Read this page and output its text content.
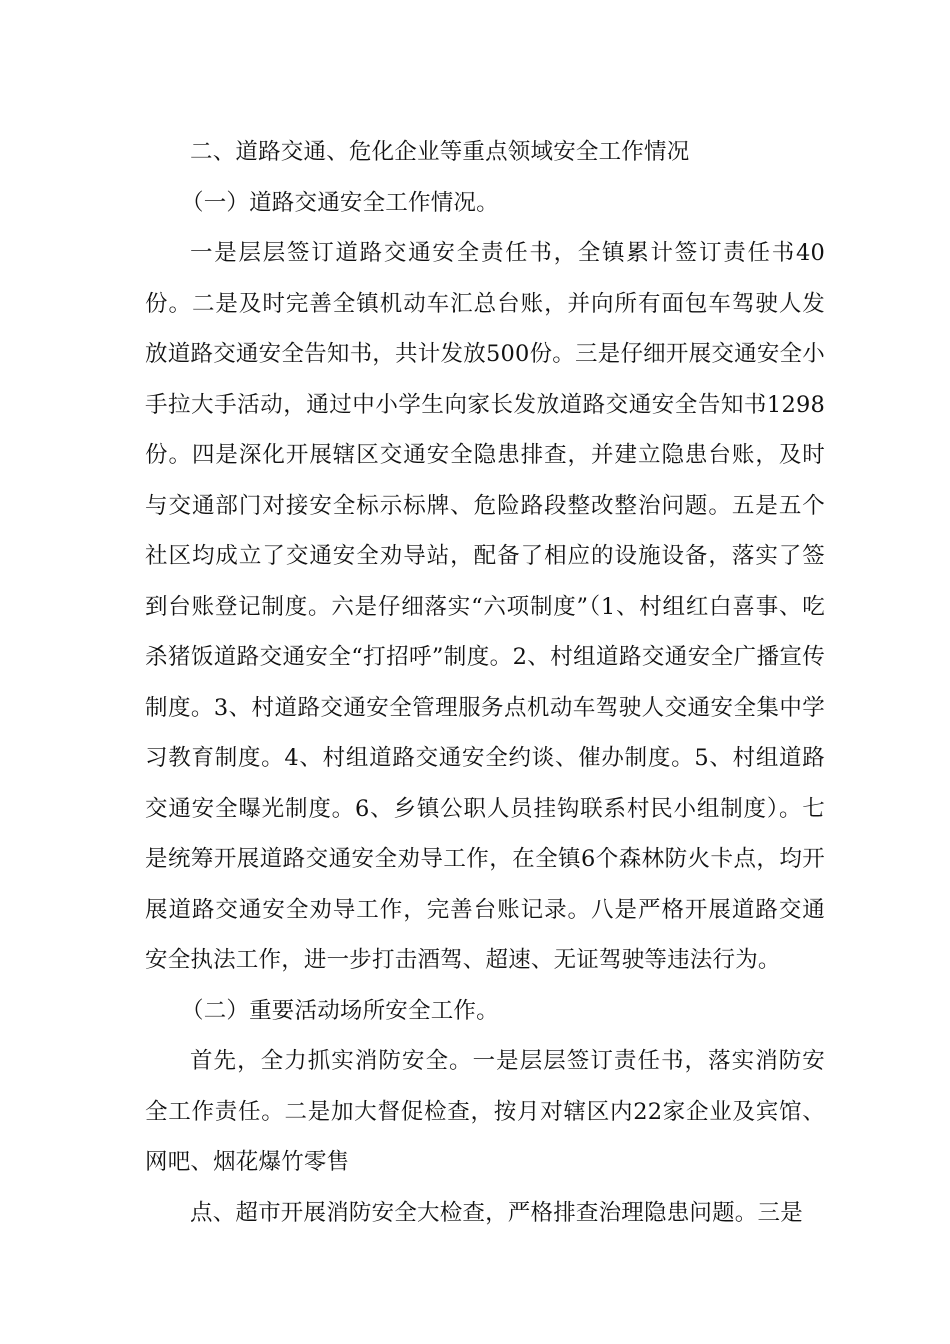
二、道路交通、危化企业等重点领域安全工作情况

（一）道路交通安全工作情况。

一是层层签订道路交通安全责任书，全镇累计签订责任书40份。二是及时完善全镇机动车汇总台账，并向所有面包车驾驶人发放道路交通安全告知书，共计发放500份。三是仔细开展交通安全小手拉大手活动，通过中小学生向家长发放道路交通安全告知书1298份。四是深化开展辖区交通安全隐患排查，并建立隐患台账，及时与交通部门对接安全标示标牌、危险路段整改整治问题。五是五个社区均成立了交通安全劝导站，配备了相应的设施设备，落实了签到台账登记制度。六是仔细落实“六项制度”（1、村组红白喜事、吃杀猪饭道路交通安全“打招呼”制度。2、村组道路交通安全广播宣传制度。3、村道路交通安全管理服务点机动车驾驶人交通安全集中学习教育制度。4、村组道路交通安全约谈、催办制度。5、村组道路交通安全曝光制度。6、乡镇公职人员挂钩联系村民小组制度）。七是统筹开展道路交通安全劝导工作，在全镇6个森林防火卡点，均开展道路交通安全劝导工作，完善台账记录。八是严格开展道路交通安全执法工作，进一步打击酒驾、超速、无证驾驶等违法行为。

（二）重要活动场所安全工作。

首先，全力抓实消防安全。一是层层签订责任书，落实消防安全工作责任。二是加大督促检查，按月对辖区内22家企业及宾馆、网吧、烟花爆竹零售

点、超市开展消防安全大检查，严格排查治理隐患问题。三是
